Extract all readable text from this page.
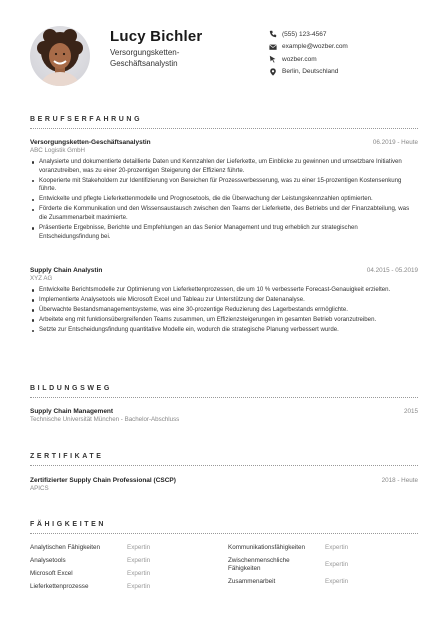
Lucy Bichler
Versorgungsketten-Geschäftsanalystin
(555) 123-4567
example@wozber.com
wozber.com
Berlin, Deutschland
BERUFSERFAHRUNG
Versorgungsketten-Geschäftsanalystin	06.2019 - Heute
ABC Logistik GmbH
Analysierte und dokumentierte detaillierte Daten und Kennzahlen der Lieferkette, um Einblicke zu gewinnen und umsetzbare Initiativen voranzutreiben, was zu einer 20-prozentigen Steigerung der Effizienz führte.
Kooperierte mit Stakeholdern zur Identifizierung von Bereichen für Prozessverbesserung, was zu einer 15-prozentigen Kostensenkung führte.
Entwickelte und pflegte Lieferkettenmodelle und Prognosetools, die die Überwachung der Leistungskennzahlen optimierten.
Förderte die Kommunikation und den Wissensaustausch zwischen den Teams der Lieferkette, des Betriebs und der Finanzabteilung, was die Zusammenarbeit maximierte.
Präsentierte Ergebnisse, Berichte und Empfehlungen an das Senior Management und trug erheblich zur strategischen Entscheidungsfindung bei.
Supply Chain Analystin	04.2015 - 05.2019
XYZ AG
Entwickelte Berichtsmodelle zur Optimierung von Lieferkettenprozessen, die um 10 % verbesserte Forecast-Genauigkeit erzielten.
Implementierte Analysetools wie Microsoft Excel und Tableau zur Unterstützung der Datenanalyse.
Überwachte Bestandsmanagementsysteme, was eine 30-prozentige Reduzierung des Lagerbestands ermöglichte.
Arbeitete eng mit funktionsübergreifenden Teams zusammen, um Effizienzsteigerungen im gesamten Betrieb voranzutreiben.
Setzte zur Entscheidungsfindung quantitative Modelle ein, wodurch die strategische Planung verbessert wurde.
BILDUNGSWEG
Supply Chain Management	2015
Technische Universität München - Bachelor-Abschluss
ZERTIFIKATE
Zertifizierter Supply Chain Professional (CSCP)	2018 - Heute
APICS
FÄHIGKEITEN
Analytischen Fähigkeiten	Expertin
Analysetools	Expertin
Microsoft Excel	Expertin
Lieferkettenprozesse	Expertin
Kommunikationsfähigkeiten	Expertin
Zwischenmenschliche Fähigkeiten
Expertin
Zusammenarbeit	Expertin
